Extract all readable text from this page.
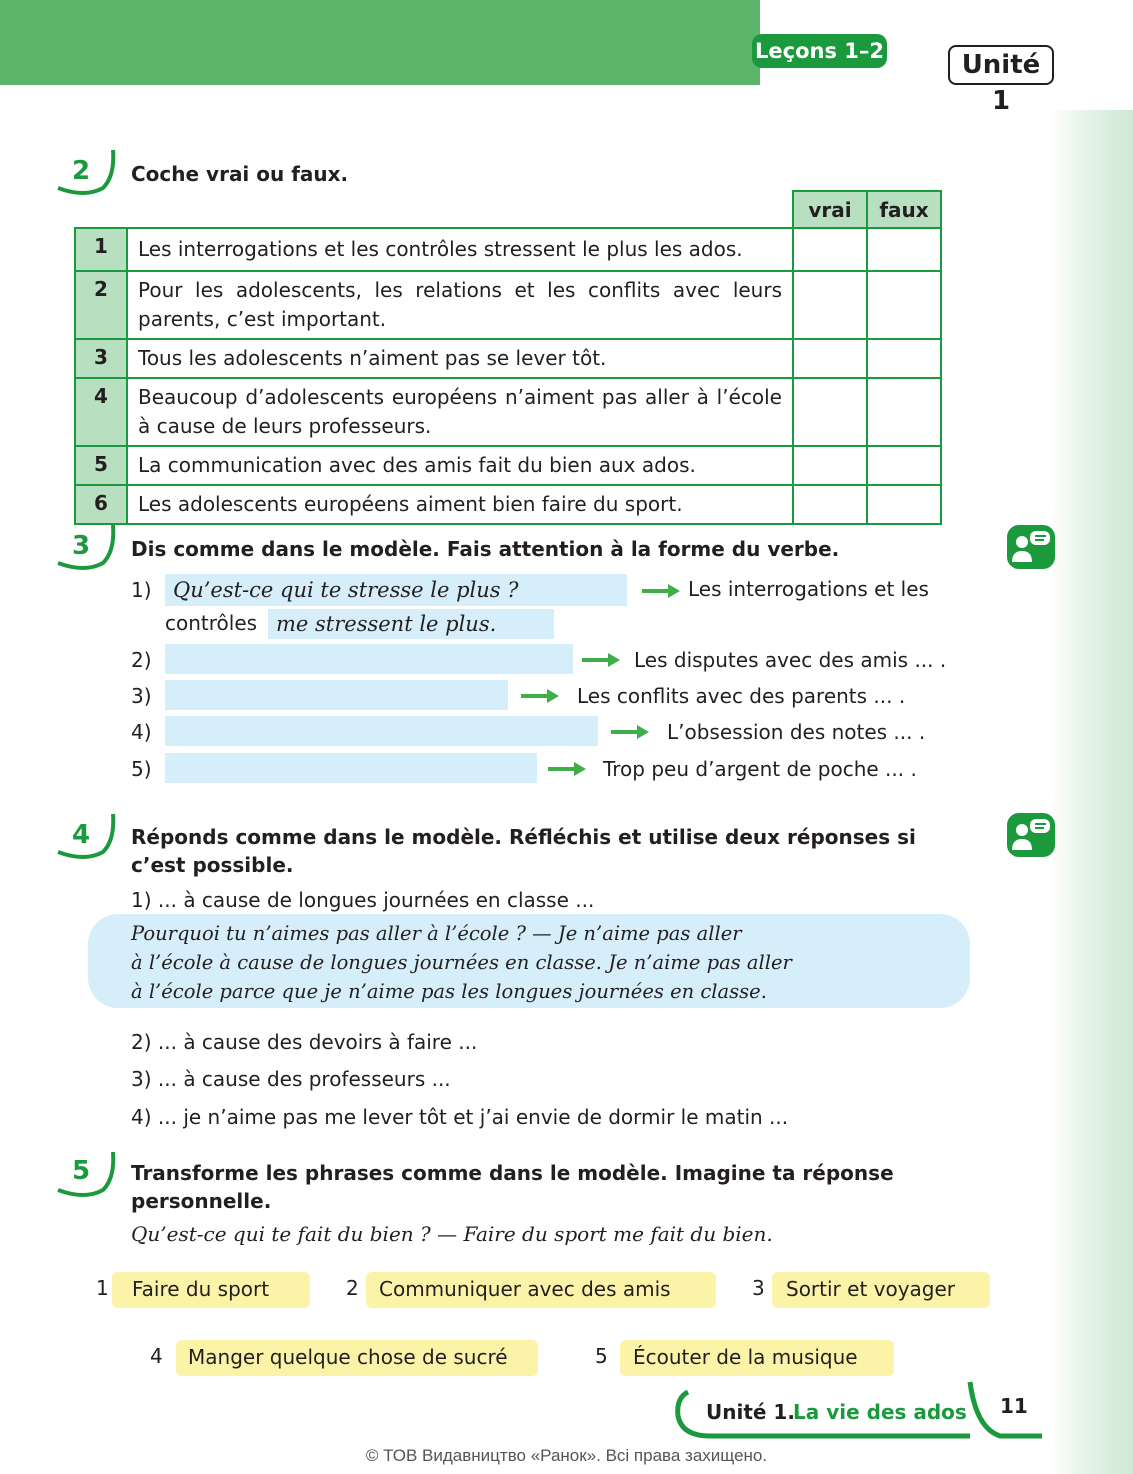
Leçons 1–2	Unité 1
2 Coche vrai ou faux.
		vrai	faux
1	Les interrogations et les contrôles stressent le plus les ados.		
2	Pour les adolescents, les relations et les conflits avec leurs parents, c’est important.		
3	Tous les adolescents n’aiment pas se lever tôt.		
4	Beaucoup d’adolescents européens n’aiment pas aller à l’école à cause de leurs professeurs.		
5	La communication avec des amis fait du bien aux ados.		
6	Les adolescents européens aiment bien faire du sport.		
3 Dis comme dans le modèle. Fais attention à la forme du verbe.
1)	Qu’est-ce qui te stresse le plus ?	Les interrogations et les
contrôles me stressent le plus.
2)	Les disputes avec des amis ... .
3)	Les conflits avec des parents ... .
4)	L’obsession des notes ... .
5)	Trop peu d’argent de poche ... .
4 Réponds comme dans le modèle. Réfléchis et utilise deux réponses si
c’est possible.
1) ... à cause de longues journées en classe ...
Pourquoi tu n’aimes pas aller à l’école ? — Je n’aime pas aller
à l’école à cause de longues journées en classe. Je n’aime pas aller
à l’école parce que je n’aime pas les longues journées en classe.
2) ... à cause des devoirs à faire ...
3) ... à cause des professeurs ...
4) ... je n’aime pas me lever tôt et j’ai envie de dormir le matin ...
5 Transforme les phrases comme dans le modèle. Imagine ta réponse
personnelle.
Qu’est-ce qui te fait du bien ? — Faire du sport me fait du bien.
1 Faire du sport	2 Communiquer avec des amis	3 Sortir et voyager
4 Manger quelque chose de sucré	5 Écouter de la musique
Unité 1.
La vie des ados 11
© ТОВ Видавництво «Ранок». Всі права захищено.
